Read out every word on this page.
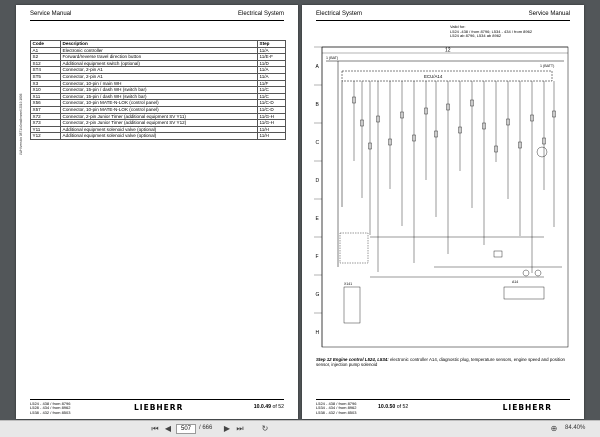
Service Manual	Electrical System
LWH/version 0871/c0mallenmell 2019.1806
Code	Description	Step
A1	Electronic controller	11/A
S2	Forward/reverse travel direction button	11/E-F
S12	Additional equipment switch (optional)	11/D
ST4	Connector, 2-pin A1	11/A
ST5	Connector, 2-pin A1	11/A
X3	Connector, 10-pin / main WH	11/F
X10	Connector, 15-pin / dash WH (switch bar)	11/C
X11	Connector, 15-pin / dash WH (switch bar)	11/C
X56	Connector, 10-pin MATE-N-LOK (control panel)	11/C-D
X57	Connector, 10-pin MATE-N-LOK (control panel)	11/C-D
X72	Connector, 2-pin Junior Timer (additional equipment SV Y11)	11/G-H
X73	Connector, 2-pin Junior Timer (additional equipment SV Y12)	11/G-H
Y11	Additional equipment solenoid valve (optional)	11/H
Y12	Additional equipment solenoid valve (optional)	11/H
L524 - 438 / from 8796
L528 - 434 / from 8962
L538 - 432 / from 8503
LIEBHERR	10.0.49 of 52
Electrical System	Service Manual
Valid for:
L524 -438 / from 8796; L534 - 434 / from 8962
L524 ab 8796, L534 ab 8962
A
B
C
D
E
F
G
H
12
1 (BAT)
1 (BATT)
ECU/A14
X141	A14
Step 12 Engine control L524, L534: electronic controller A14, diagnostic plug, temperature sensors, engine speed and position sensor, injection pump solenoid
L524 - 438 / from 8796
L534 - 434 / from 8962
L538 - 432 / from 8503
10.0.50 of 52	LIEBHERR
⏮ ◀	507	/ 666 ▶ ⏭ ↻	⊕ 84.40%
